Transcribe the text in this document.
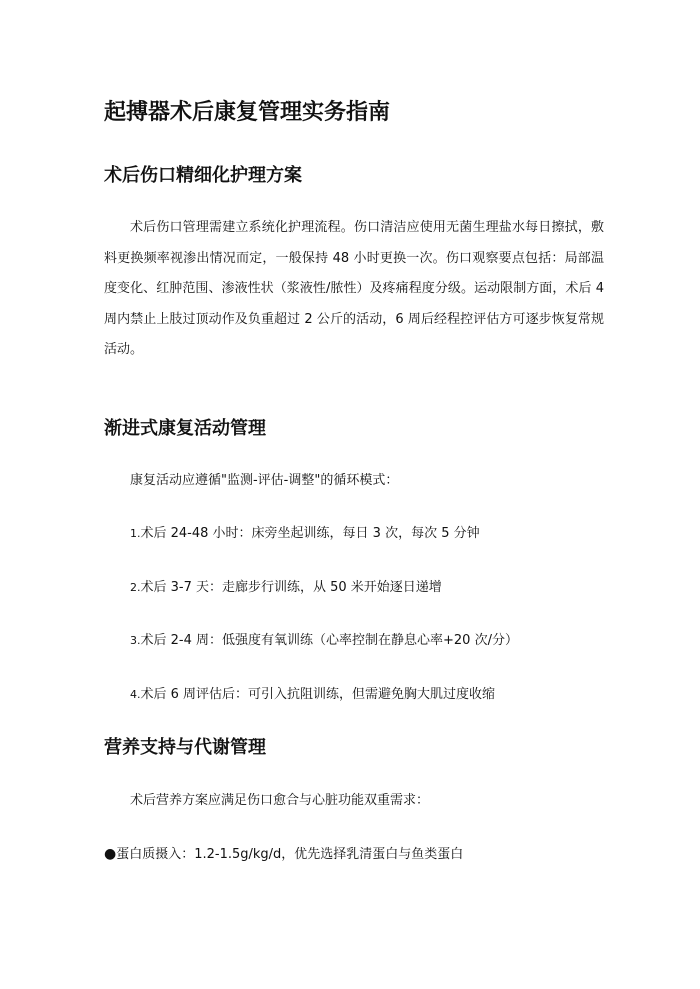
起搏器术后康复管理实务指南
术后伤口精细化护理方案

术后伤口管理需建立系统化护理流程。伤口清洁应使用无菌生理盐水每日擦拭，敷料更换频率视渗出情况而定，一般保持 48 小时更换一次。伤口观察要点包括：局部温度变化、红肿范围、渗液性状（浆液性/脓性）及疼痛程度分级。运动限制方面，术后 4 周内禁止上肢过顶动作及负重超过 2 公斤的活动，6 周后经程控评估方可逐步恢复常规活动。

渐进式康复活动管理

康复活动应遵循"监测-评估-调整"的循环模式：

1.术后 24-48 小时：床旁坐起训练，每日 3 次，每次 5 分钟

2.术后 3-7 天：走廊步行训练，从 50 米开始逐日递增

3.术后 2-4 周：低强度有氧训练（心率控制在静息心率+20 次/分）

4.术后 6 周评估后：可引入抗阻训练，但需避免胸大肌过度收缩

营养支持与代谢管理

术后营养方案应满足伤口愈合与心脏功能双重需求：

●蛋白质摄入：1.2-1.5g/kg/d，优先选择乳清蛋白与鱼类蛋白
